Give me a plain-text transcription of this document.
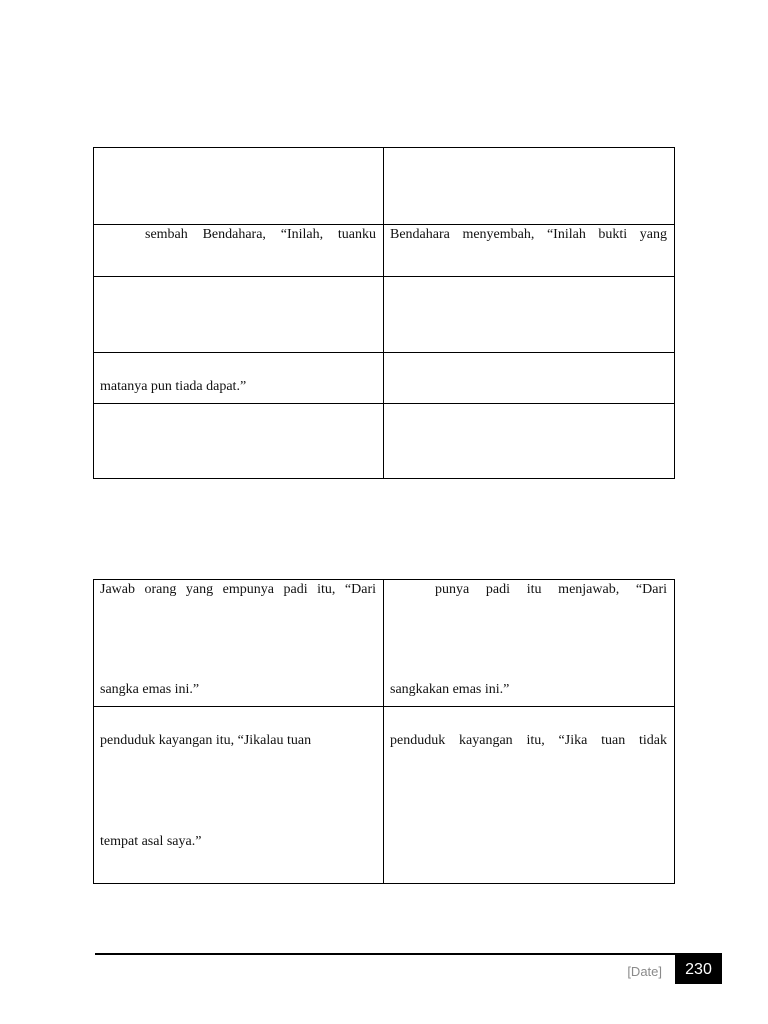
sembah Bendahara, “Inilah, tuanku Bendahara menyembah, “Inilah bukti yang
matanya pun tiada dapat.”
Jawab orang yang empunya padi itu, “Dari
sangka emas ini.”
punya padi itu menjawab, “Dari
sangkakan emas ini.”
penduduk kayangan itu, “Jikalau tuan
tempat asal saya.”
penduduk kayangan itu, “Jika tuan tidak
[Date]	230
